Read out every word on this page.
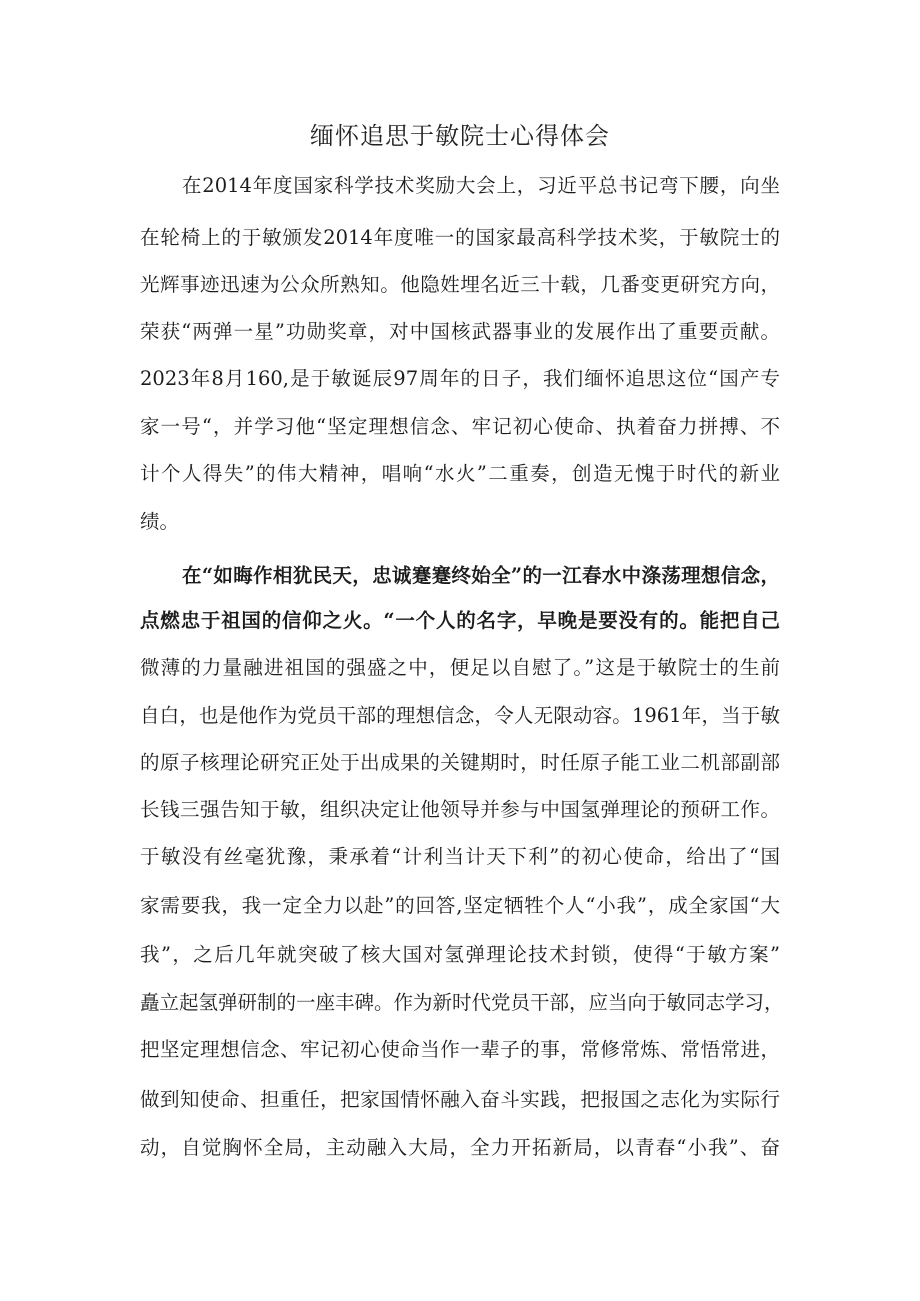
缅怀追思于敏院士心得体会
在2014年度国家科学技术奖励大会上，习近平总书记弯下腰，向坐
在轮椅上的于敏颁发2014年度唯一的国家最高科学技术奖，于敏院士的
光辉事迹迅速为公众所熟知。他隐姓埋名近三十载，几番变更研究方向，
荣获“两弹一星”功勋奖章，对中国核武器事业的发展作出了重要贡献。
2023年8月160,是于敏诞辰97周年的日子，我们缅怀追思这位“国产专
家一号“，并学习他“坚定理想信念、牢记初心使命、执着奋力拼搏、不
计个人得失”的伟大精神，唱响“水火”二重奏，创造无愧于时代的新业
绩。
在“如晦作相犹民天，忠诚蹇蹇终始全”的一江春水中涤荡理想信念，
点燃忠于祖国的信仰之火。“一个人的名字，早晚是要没有的。能把自己
微薄的力量融进祖国的强盛之中，便足以自慰了。”这是于敏院士的生前
自白，也是他作为党员干部的理想信念，令人无限动容。1961年，当于敏
的原子核理论研究正处于出成果的关键期时，时任原子能工业二机部副部
长钱三强告知于敏，组织决定让他领导并参与中国氢弹理论的预研工作。
于敏没有丝毫犹豫，秉承着“计利当计天下利”的初心使命，给出了“国
家需要我，我一定全力以赴”的回答,坚定牺牲个人“小我”，成全家国“大
我”，之后几年就突破了核大国对氢弹理论技术封锁，使得“于敏方案”
矗立起氢弹研制的一座丰碑。作为新时代党员干部，应当向于敏同志学习，
把坚定理想信念、牢记初心使命当作一辈子的事，常修常炼、常悟常进，
做到知使命、担重任，把家国情怀融入奋斗实践，把报国之志化为实际行
动，自觉胸怀全局，主动融入大局，全力开拓新局，以青春“小我”、奋
